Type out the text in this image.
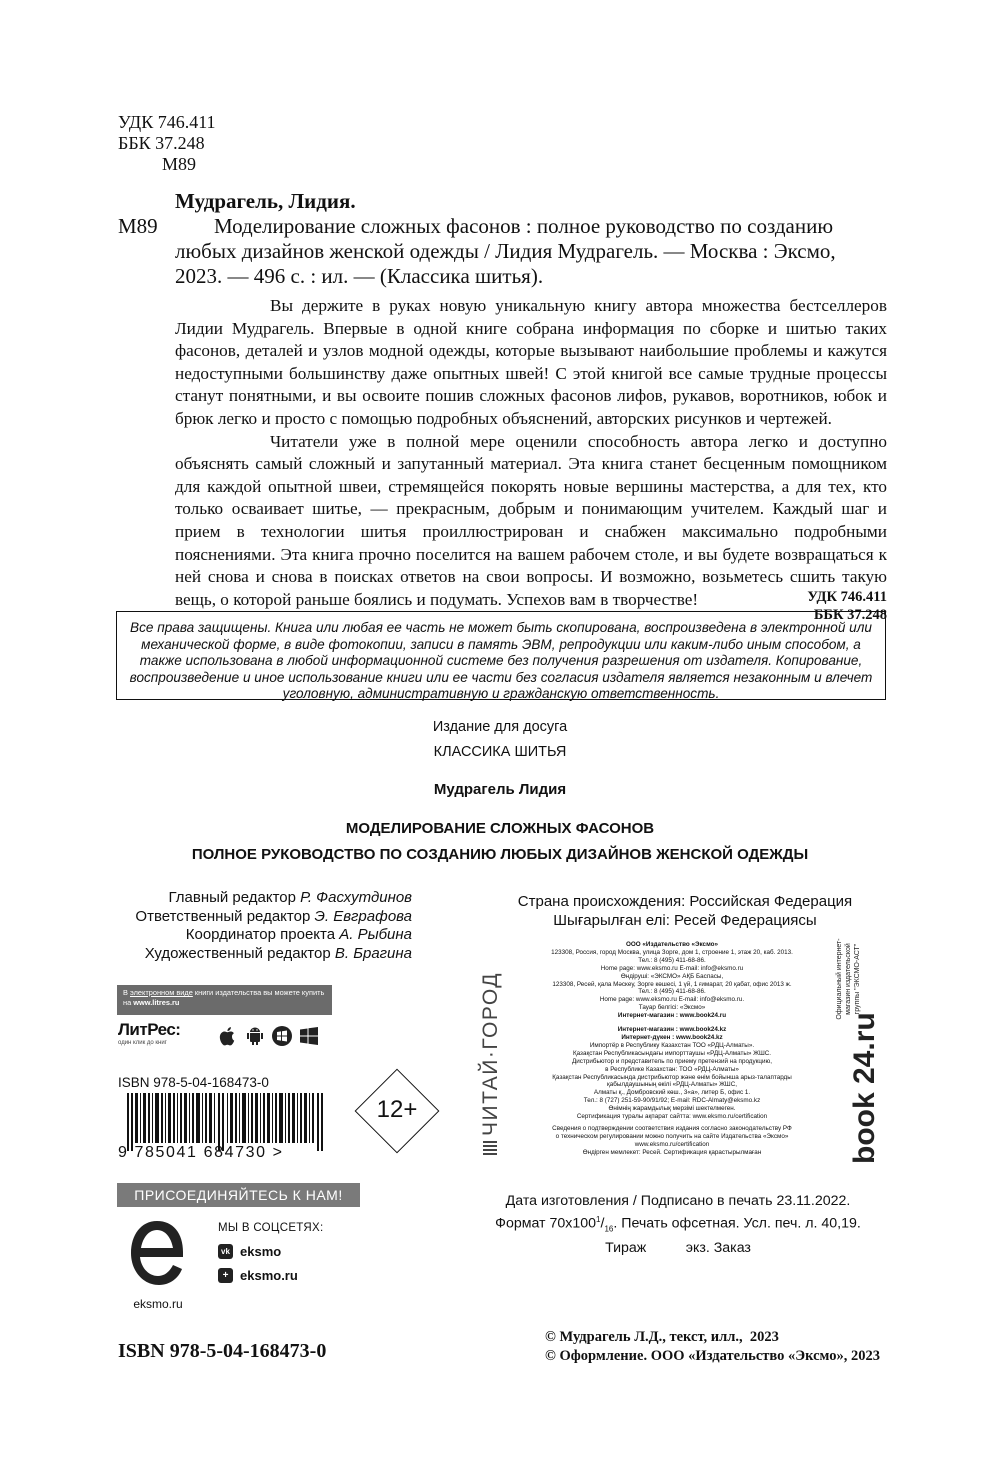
УДК 746.411
ББК 37.248
М89
Мудрагель, Лидия.
М89	Моделирование сложных фасонов : полное руководство по созданию
любых дизайнов женской одежды / Лидия Мудрагель. — Москва : Эксмо,
2023. — 496 с. : ил. — (Классика шитья).

Вы держите в руках новую уникальную книгу автора множества бестселлеров Лидии Мудрагель. Впервые в одной книге собрана информация по сборке и шитью таких фасонов, деталей и узлов модной одежды, которые вызывают наибольшие проблемы и кажутся недоступными большинству даже опытных швей! С этой книгой все самые трудные процессы станут понятными, и вы освоите пошив сложных фасонов лифов, рукавов, воротников, юбок и брюк легко и просто с помощью подробных объяснений, авторских рисунков и чертежей.

Читатели уже в полной мере оценили способность автора легко и доступно объяснять самый сложный и запутанный материал. Эта книга станет бесценным помощником для каждой опытной швеи, стремящейся покорять новые вершины мастерства, а для тех, кто только осваивает шитье, — прекрасным, добрым и понимающим учителем. Каждый шаг и прием в технологии шитья проиллюстрирован и снабжен максимально подробными пояснениями. Эта книга прочно поселится на вашем рабочем столе, и вы будете возвращаться к ней снова и снова в поисках ответов на свои вопросы. И возможно, возьметесь сшить такую вещь, о которой раньше боялись и подумать. Успехов вам в творчестве!	УДК 746.411
ББК 37.248
Все права защищены. Книга или любая ее часть не может быть скопирована, воспроизведена в электронной или механической форме, в виде фотокопии, записи в память ЭВМ, репродукции или каким-либо иным способом, а также использована в любой информационной системе без получения разрешения от издателя. Копирование, воспроизведение и иное использование книги или ее части без согласия издателя является незаконным и влечет уголовную, административную и гражданскую ответственность.
Издание для досуга
КЛАССИКА ШИТЬЯ
Мудрагель Лидия
МОДЕЛИРОВАНИЕ СЛОЖНЫХ ФАСОНОВ
ПОЛНОЕ РУКОВОДСТВО ПО СОЗДАНИЮ ЛЮБЫХ ДИЗАЙНОВ ЖЕНСКОЙ ОДЕЖДЫ
Главный редактор Р. Фасхутдинов
Ответственный редактор Э. Евграфова
Координатор проекта А. Рыбина
Художественный редактор В. Брагина
В электронном виде книги издательства вы можете купить на www.litres.ru
ЛитРес:
один клик до книг
ISBN 978-5-04-168473-0
9 785041 684730 >
12+	ЧИТАЙ·ГОРОД
Страна происхождения: Российская Федерация
Шығарылған елі: Ресей Федерациясы
ООО «Издательство «Эксмо»
123308, Россия, город Москва, улица Зорге, дом 1, строение 1, этаж 20, каб. 2013.
Тел.: 8 (495) 411-68-86.
Home page: www.eksmo.ru E-mail: info@eksmo.ru
Өндіруші: «ЭКСМО» АҚБ Баспасы,
123308, Ресей, қала Мәскеу, Зорге көшесі, 1 үй, 1 ғимарат, 20 қабат, офис 2013 ж.
Тел.: 8 (495) 411-68-86.
Home page: www.eksmo.ru E-mail: info@eksmo.ru.
Тауар белгісі: «Эксмо»
Интернет-магазин : www.book24.ru
Интернет-магазин : www.book24.kz
Интернет-дүкен : www.book24.kz
Импортёр в Республику Казахстан ТОО «РДЦ-Алматы».
Қазақстан Республикасындағы импорттаушы «РДЦ-Алматы» ЖШС.
Дистрибьютор и представитель по приему претензий на продукцию,
в Республике Казахстан: ТОО «РДЦ-Алматы»
Қазақстан Республикасында дистрибьютор және өнім бойынша арыз-талаптарды
қабылдаушының өкілі «РДЦ-Алматы» ЖШС,
Алматы қ., Домбровский көш., 3«а», литер Б, офис 1.
Тел.: 8 (727) 251-59-90/91/92; E-mail: RDC-Almaty@eksmo.kz
Өнімнің жарамдылық мерзімі шектелмеген.
Сертификация туралы ақпарат сайтта: www.eksmo.ru/certification
Сведения о подтверждении соответствия издания согласно законодательству РФ
о техническом регулировании можно получить на сайте Издательства «Эксмо»
www.eksmo.ru/certification
Өндірген мемлекет: Ресей. Сертификация қарастырылмаған
Официальный интернет-магазин издательской группы "ЭКСМО-АСТ"
book 24.ru
Дата изготовления / Подписано в печать 23.11.2022.
Формат $70х100^1/_{16}$. Печать офсетная. Усл. печ. л. 40,19.
Тираж          экз. Заказ
ПРИСОЕДИНЯЙТЕСЬ К НАМ!
eksmo.ru
МЫ В СОЦСЕТЯХ:
vk eksmo
+ eksmo.ru
ISBN 978-5-04-168473-0
© Мудрагель Л.Д., текст, илл.,  2023
© Оформление. ООО «Издательство «Эксмо», 2023
